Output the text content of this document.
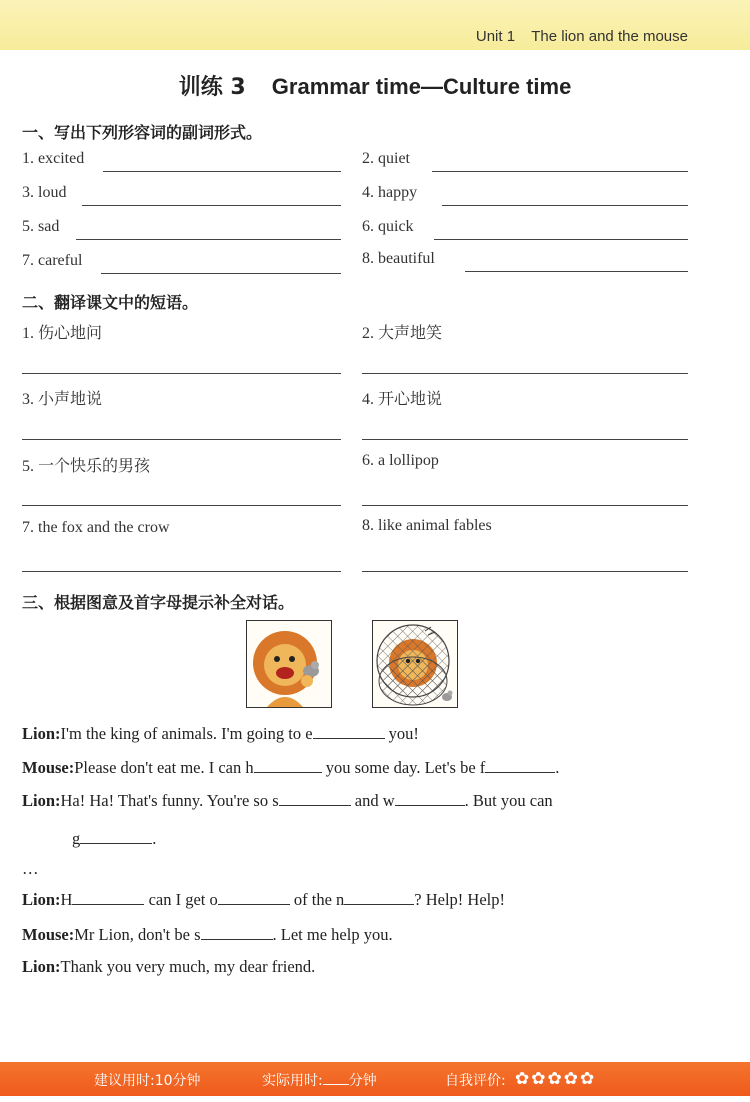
Unit 1 The lion and the mouse
训练 3 Grammar time—Culture time
一、写出下列形容词的副词形式。
1. excited	2. quiet
3. loud	4. happy
5. sad	6. quick
7. careful	8. beautiful
二、翻译课文中的短语。
1. 伤心地问	2. 大声地笑
3. 小声地说	4. 开心地说
5. 一个快乐的男孩	6. a lollipop
7. the fox and the crow	8. like animal fables
三、根据图意及首字母提示补全对话。
Lion:I'm the king of animals. I'm going to e	you!
Mouse:Please don't eat me. I can h	you some day. Let's be f	.
Lion:Ha! Ha! That's funny. You're so s	and w	. But you can
g	.
…
Lion:H	can I get o	of the n	? Help! Help!
Mouse:Mr Lion, don't be s	. Let me help you.
Lion:Thank you very much, my dear friend.
建议用时:10分钟	实际用时: 分钟	自我评价: ✿ ✿ ✿ ✿ ✿
